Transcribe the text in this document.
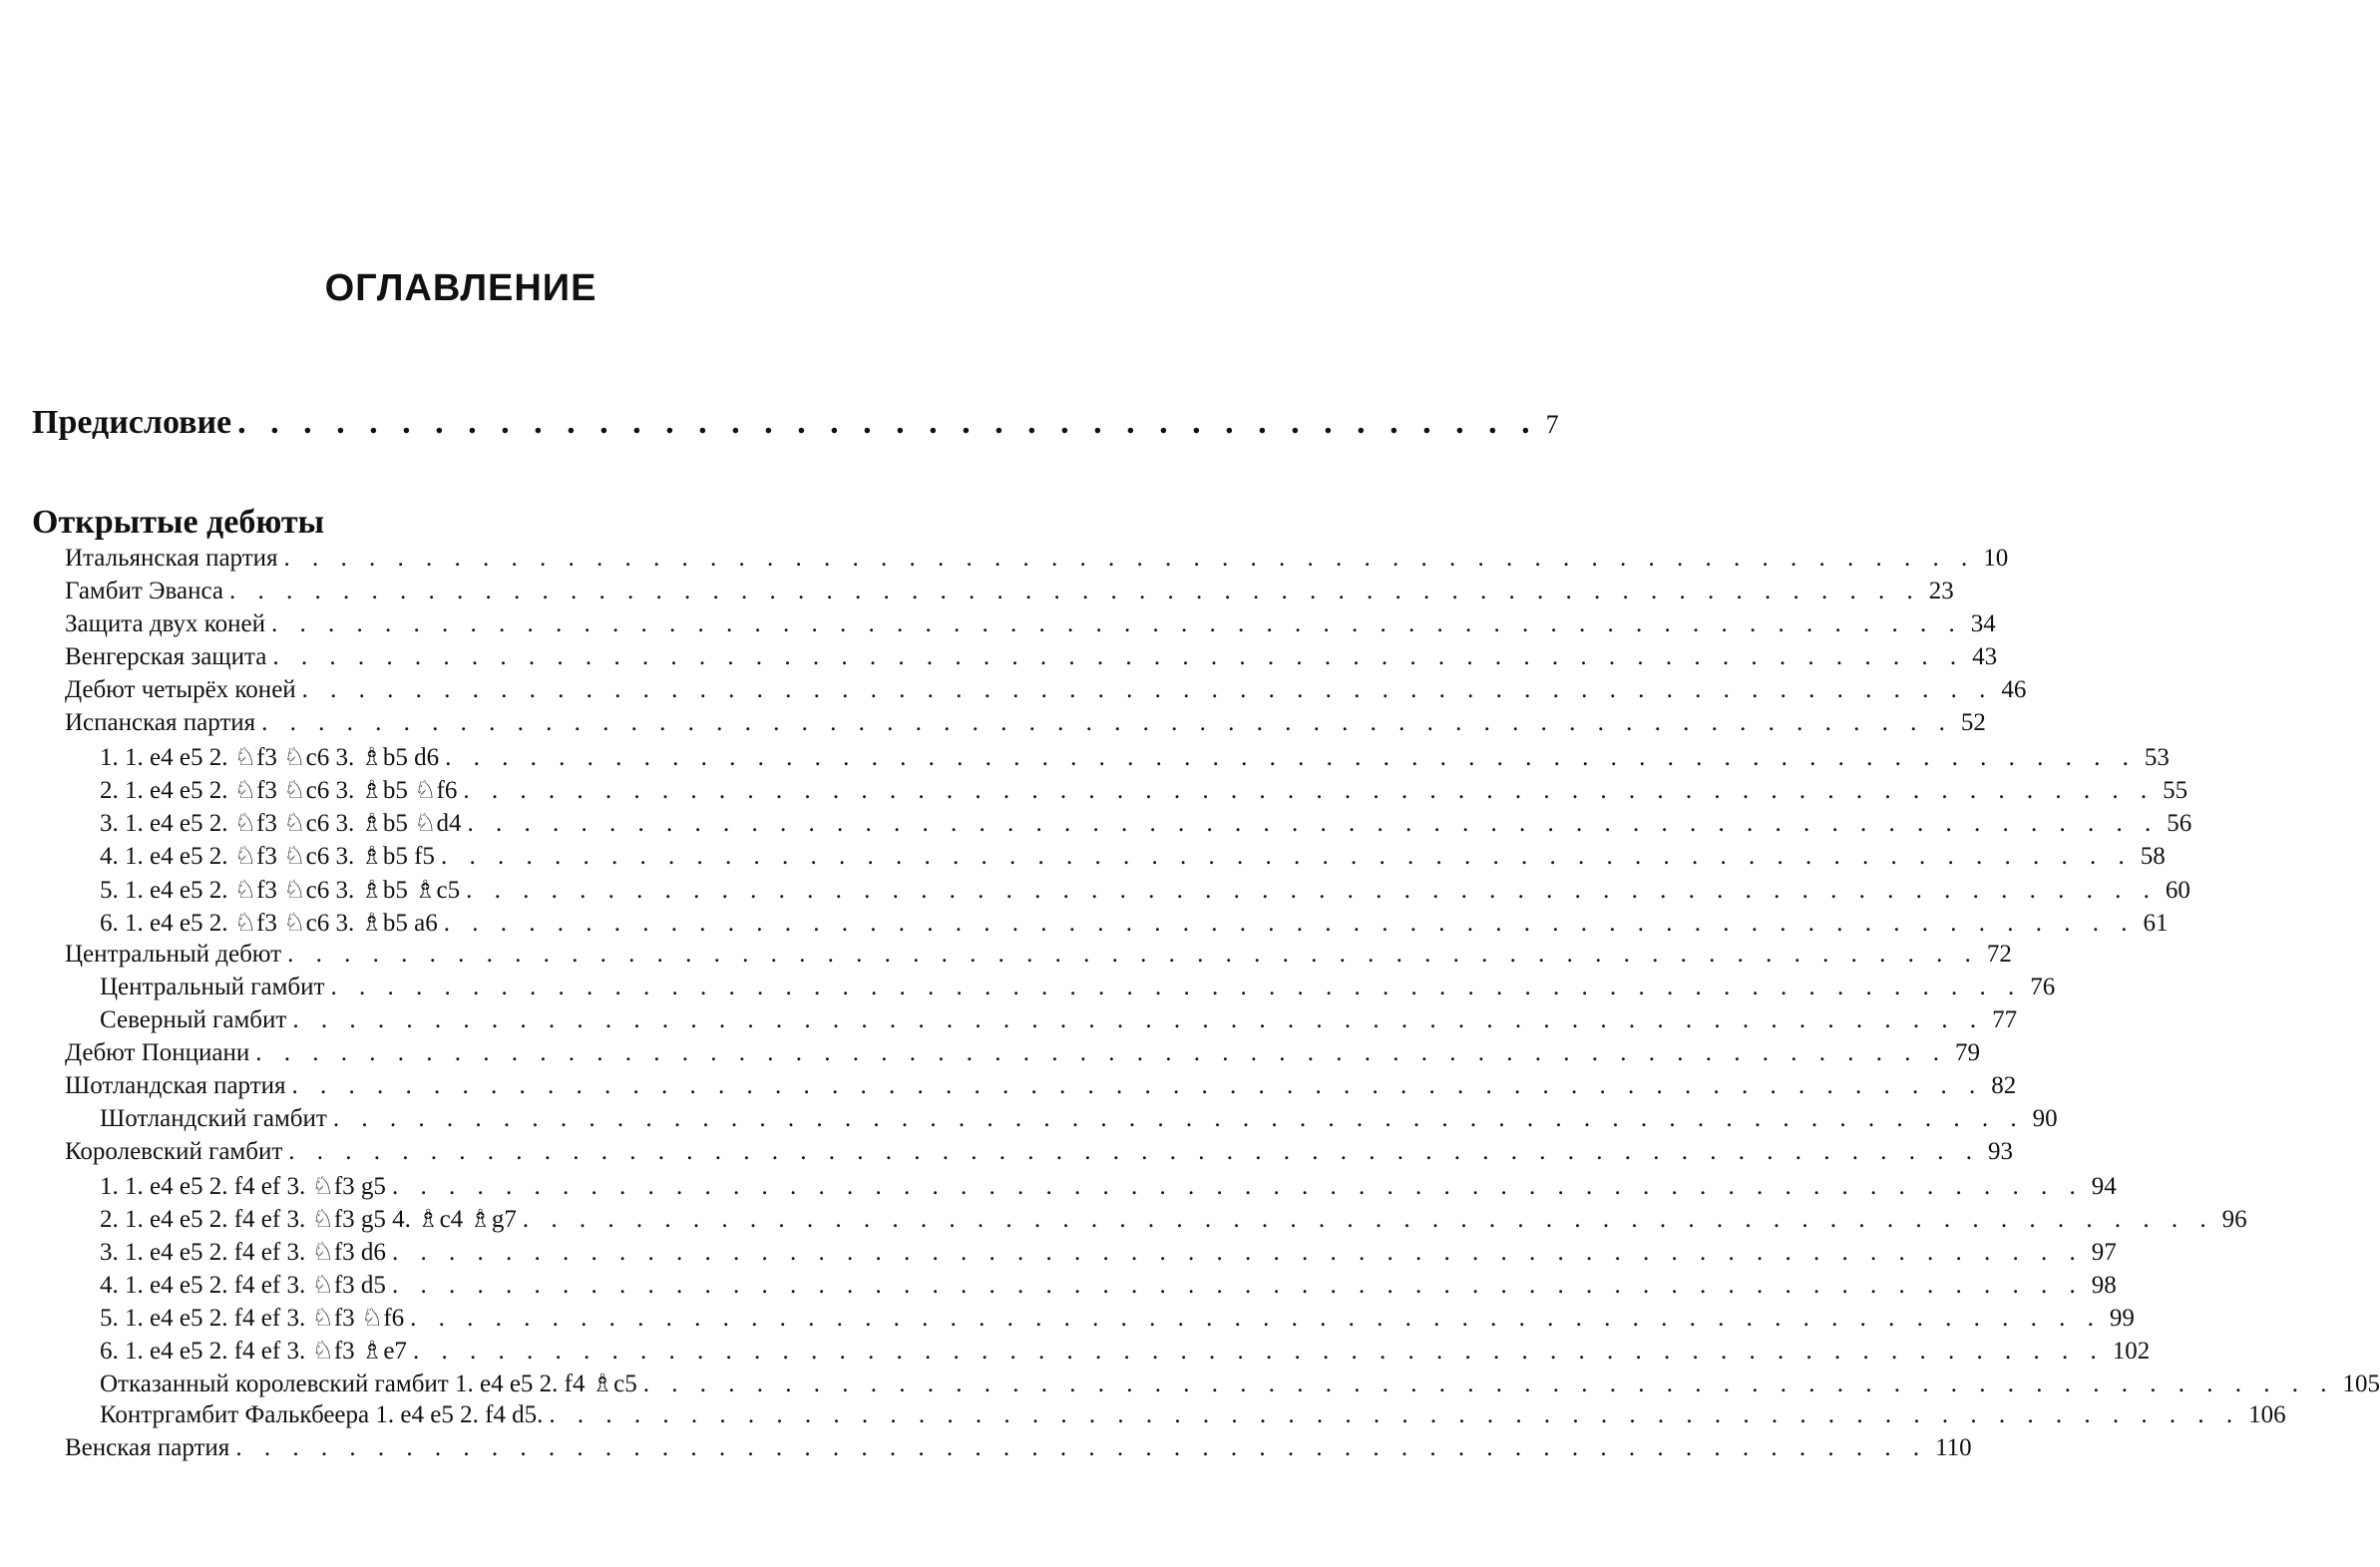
ОГЛАВЛЕНИЕ
Предисловие . . . . . . . . . . . . . . . . . . . . . . . . . . . . . . . . . . . . . . . . 7
Открытые дебюты
Итальянская партия . . . . . . . . . . . . . . . . . . . . . . . . . . . . . . . . . . . . . . . . . . . . . . . . . . . . . . . . . . . . 10
Гамбит Эванса . . . . . . . . . . . . . . . . . . . . . . . . . . . . . . . . . . . . . . . . . . . . . . . . . . . . . . . . . . . . 23
Защита двух коней . . . . . . . . . . . . . . . . . . . . . . . . . . . . . . . . . . . . . . . . . . . . . . . . . . . . . . . . . . . . 34
Венгерская защита . . . . . . . . . . . . . . . . . . . . . . . . . . . . . . . . . . . . . . . . . . . . . . . . . . . . . . . . . . . . 43
Дебют четырёх коней . . . . . . . . . . . . . . . . . . . . . . . . . . . . . . . . . . . . . . . . . . . . . . . . . . . . . . . . . . . . 46
Испанская партия . . . . . . . . . . . . . . . . . . . . . . . . . . . . . . . . . . . . . . . . . . . . . . . . . . . . . . . . . . . . 52
1. 1. e4 e5 2. ♘f3 ♘c6 3. ♗b5 d6 . . . . . . . . . . . . . . . . . . . . . . . . . . . . . . . . . . . . . . . . . . . . . . . . . . . . . . . . . . . . 53
2. 1. e4 e5 2. ♘f3 ♘c6 3. ♗b5 ♘f6 . . . . . . . . . . . . . . . . . . . . . . . . . . . . . . . . . . . . . . . . . . . . . . . . . . . . . . . . . . . . 55
3. 1. e4 e5 2. ♘f3 ♘c6 3. ♗b5 ♘d4 . . . . . . . . . . . . . . . . . . . . . . . . . . . . . . . . . . . . . . . . . . . . . . . . . . . . . . . . . . . . 56
4. 1. e4 e5 2. ♘f3 ♘c6 3. ♗b5 f5 . . . . . . . . . . . . . . . . . . . . . . . . . . . . . . . . . . . . . . . . . . . . . . . . . . . . . . . . . . . . 58
5. 1. e4 e5 2. ♘f3 ♘c6 3. ♗b5 ♗c5 . . . . . . . . . . . . . . . . . . . . . . . . . . . . . . . . . . . . . . . . . . . . . . . . . . . . . . . . . . . . 60
6. 1. e4 e5 2. ♘f3 ♘c6 3. ♗b5 a6 . . . . . . . . . . . . . . . . . . . . . . . . . . . . . . . . . . . . . . . . . . . . . . . . . . . . . . . . . . . . 61
Центральный дебют . . . . . . . . . . . . . . . . . . . . . . . . . . . . . . . . . . . . . . . . . . . . . . . . . . . . . . . . . . . . 72
Центральный гамбит . . . . . . . . . . . . . . . . . . . . . . . . . . . . . . . . . . . . . . . . . . . . . . . . . . . . . . . . . . . . 76
Северный гамбит . . . . . . . . . . . . . . . . . . . . . . . . . . . . . . . . . . . . . . . . . . . . . . . . . . . . . . . . . . . . 77
Дебют Понциани . . . . . . . . . . . . . . . . . . . . . . . . . . . . . . . . . . . . . . . . . . . . . . . . . . . . . . . . . . . . 79
Шотландская партия . . . . . . . . . . . . . . . . . . . . . . . . . . . . . . . . . . . . . . . . . . . . . . . . . . . . . . . . . . . . 82
Шотландский гамбит . . . . . . . . . . . . . . . . . . . . . . . . . . . . . . . . . . . . . . . . . . . . . . . . . . . . . . . . . . . . 90
Королевский гамбит . . . . . . . . . . . . . . . . . . . . . . . . . . . . . . . . . . . . . . . . . . . . . . . . . . . . . . . . . . . . 93
1. 1. e4 e5 2. f4 ef 3. ♘f3 g5 . . . . . . . . . . . . . . . . . . . . . . . . . . . . . . . . . . . . . . . . . . . . . . . . . . . . . . . . . . . . 94
2. 1. e4 e5 2. f4 ef 3. ♘f3 g5 4. ♗c4 ♗g7 . . . . . . . . . . . . . . . . . . . . . . . . . . . . . . . . . . . . . . . . . . . . . . . . . . . . . . . . . . . . 96
3. 1. e4 e5 2. f4 ef 3. ♘f3 d6 . . . . . . . . . . . . . . . . . . . . . . . . . . . . . . . . . . . . . . . . . . . . . . . . . . . . . . . . . . . . 97
4. 1. e4 e5 2. f4 ef 3. ♘f3 d5 . . . . . . . . . . . . . . . . . . . . . . . . . . . . . . . . . . . . . . . . . . . . . . . . . . . . . . . . . . . . 98
5. 1. e4 e5 2. f4 ef 3. ♘f3 ♘f6 . . . . . . . . . . . . . . . . . . . . . . . . . . . . . . . . . . . . . . . . . . . . . . . . . . . . . . . . . . . . 99
6. 1. e4 e5 2. f4 ef 3. ♘f3 ♗e7 . . . . . . . . . . . . . . . . . . . . . . . . . . . . . . . . . . . . . . . . . . . . . . . . . . . . . . . . . . . . 102
Отказанный королевский гамбит 1. e4 e5 2. f4 ♗c5 . . . . . . . . . . . . . . . . . . . . . . . . . . . . . . . . . . . . . . . . . . . . . . . . . . . . . . . . . . . . 105
Контргамбит Фалькбеера 1. e4 e5 2. f4 d5. . . . . . . . . . . . . . . . . . . . . . . . . . . . . . . . . . . . . . . . . . . . . . . . . . . . . . . . . . . . . 106
Венская партия . . . . . . . . . . . . . . . . . . . . . . . . . . . . . . . . . . . . . . . . . . . . . . . . . . . . . . . . . . . . 110
